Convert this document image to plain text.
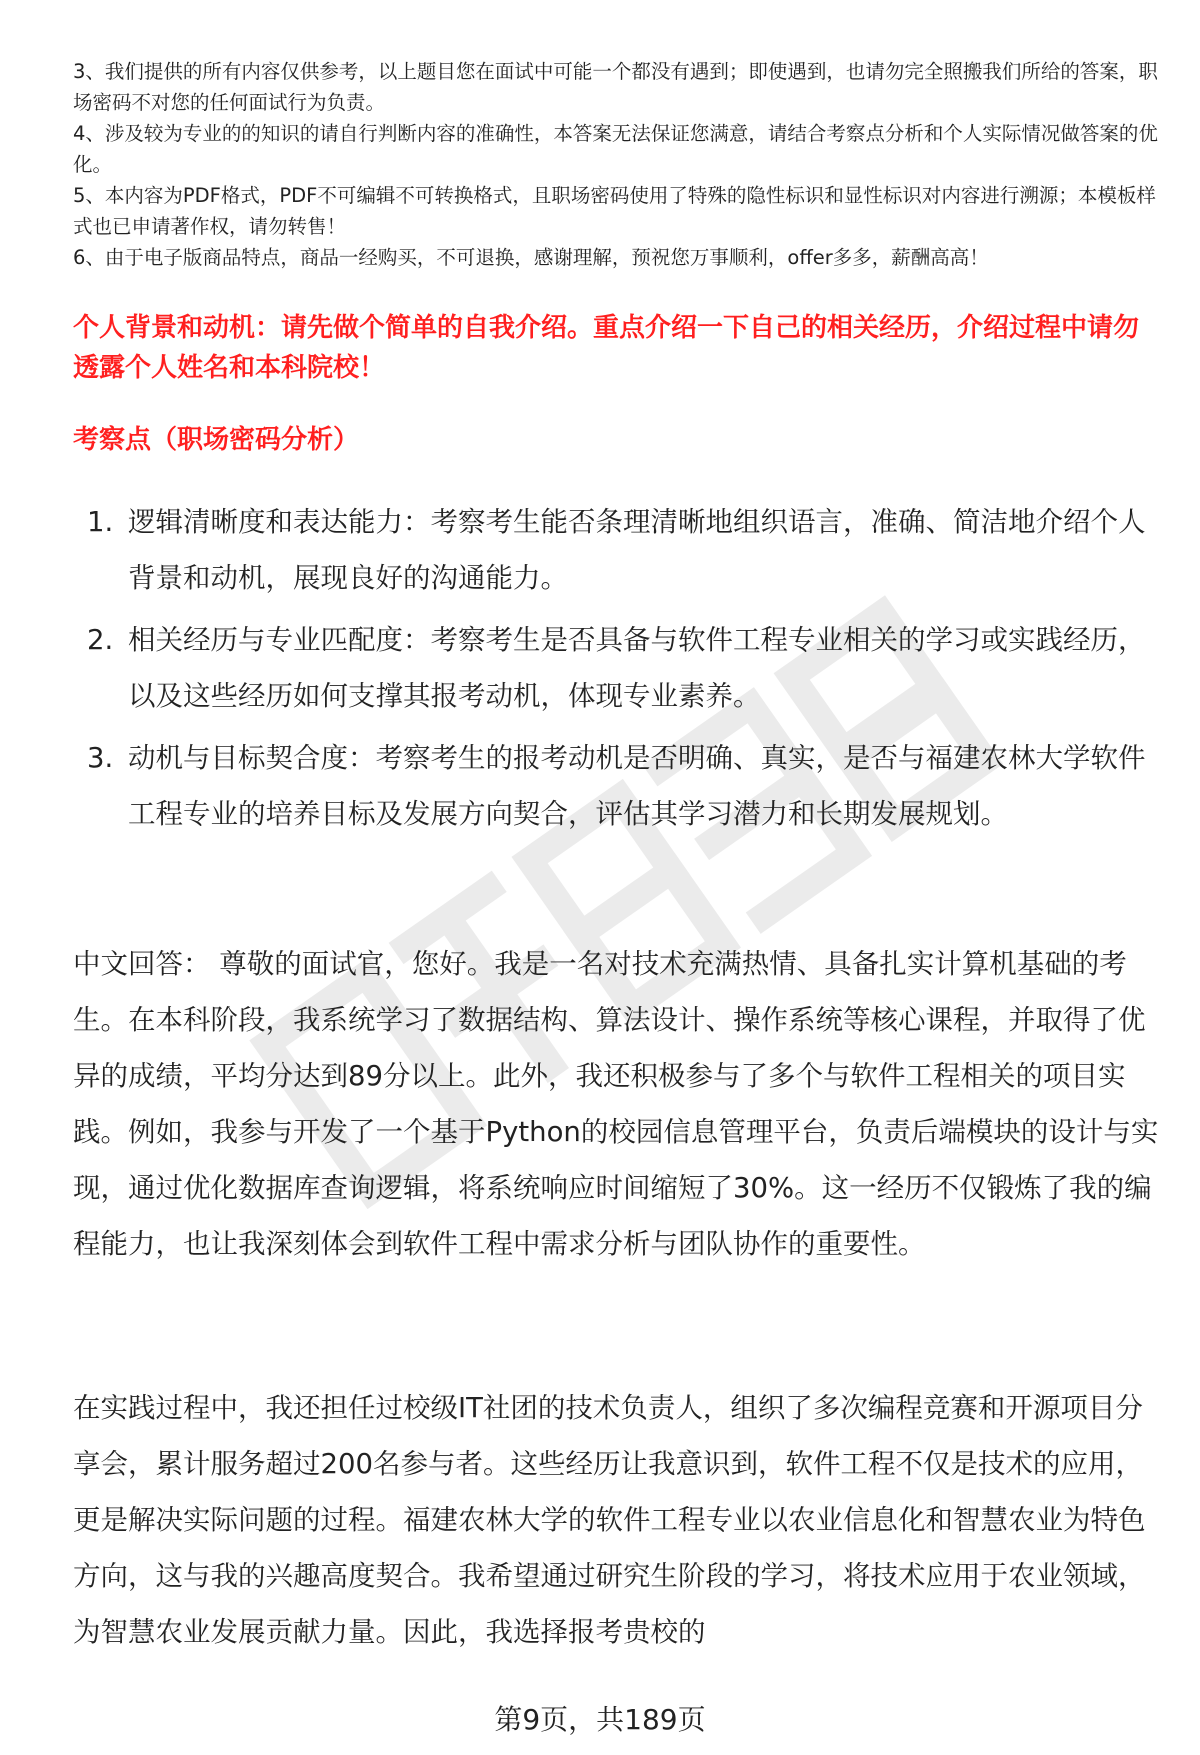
3、我们提供的所有内容仅供参考，以上题目您在面试中可能一个都没有遇到；即使遇到，也请勿完全照搬我们所给的答案，职场密码不对您的任何面试行为负责。

4、涉及较为专业的的知识的请自行判断内容的准确性，本答案无法保证您满意，请结合考察点分析和个人实际情况做答案的优化。

5、本内容为PDF格式，PDF不可编辑不可转换格式，且职场密码使用了特殊的隐性标识和显性标识对内容进行溯源；本模板样式也已申请著作权，请勿转售！

6、由于电子版商品特点，商品一经购买，不可退换，感谢理解，预祝您万事顺利，offer多多，薪酬高高！

个人背景和动机：请先做个简单的自我介绍。重点介绍一下自己的相关经历，介绍过程中请勿透露个人姓名和本科院校！
考察点（职场密码分析）
1. 逻辑清晰度和表达能力：考察考生能否条理清晰地组织语言，准确、简洁地介绍个人背景和动机，展现良好的沟通能力。
2. 相关经历与专业匹配度：考察考生是否具备与软件工程专业相关的学习或实践经历，以及这些经历如何支撑其报考动机，体现专业素养。
3. 动机与目标契合度：考察考生的报考动机是否明确、真实，是否与福建农林大学软件工程专业的培养目标及发展方向契合，评估其学习潜力和长期发展规划。

中文回答： 尊敬的面试官，您好。我是一名对技术充满热情、具备扎实计算机基础的考生。在本科阶段，我系统学习了数据结构、算法设计、操作系统等核心课程，并取得了优异的成绩，平均分达到89分以上。此外，我还积极参与了多个与软件工程相关的项目实践。例如，我参与开发了一个基于Python的校园信息管理平台，负责后端模块的设计与实现，通过优化数据库查询逻辑，将系统响应时间缩短了30%。这一经历不仅锻炼了我的编程能力，也让我深刻体会到软件工程中需求分析与团队协作的重要性。

在实践过程中，我还担任过校级IT社团的技术负责人，组织了多次编程竞赛和开源项目分享会，累计服务超过200名参与者。这些经历让我意识到，软件工程不仅是技术的应用，更是解决实际问题的过程。福建农林大学的软件工程专业以农业信息化和智慧农业为特色方向，这与我的兴趣高度契合。我希望通过研究生阶段的学习，将技术应用于农业领域，为智慧农业发展贡献力量。因此，我选择报考贵校的

第9页，共189页
